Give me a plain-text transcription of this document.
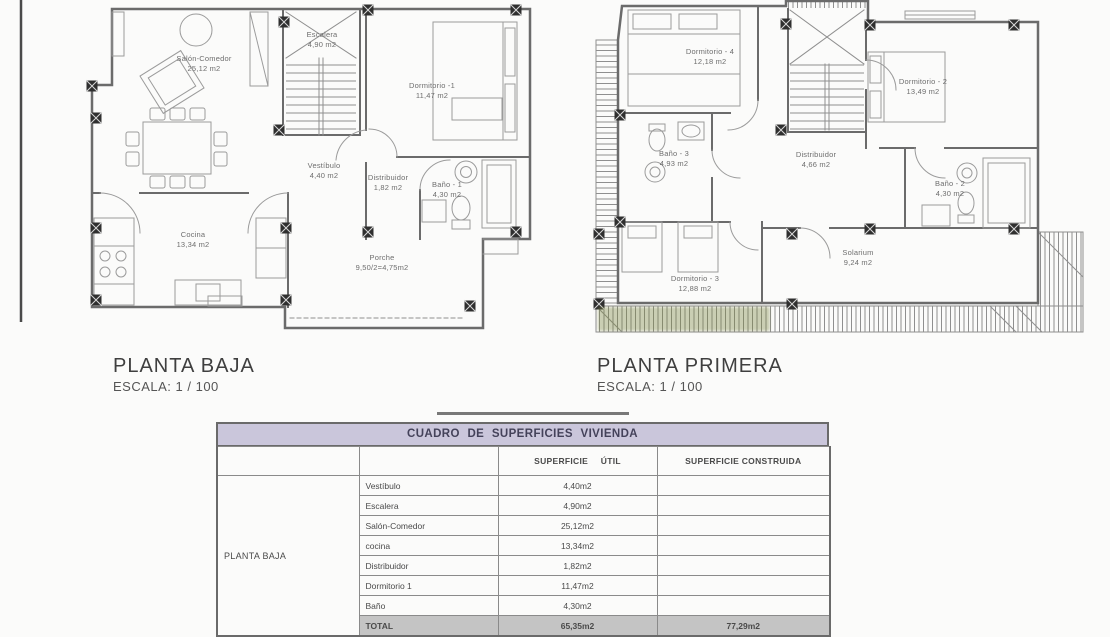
Salón-Comedor
25,12 m2
Escalera
4,90 m2
Dormitorio -1
11,47 m2
Vestíbulo
4,40 m2	Distribuidor
1,82 m2	Baño - 1
4,30 m2
Cocina
13,34 m2
Porche
9,50/2=4,75m2
Dormitorio - 4
12,18 m2
Dormitorio - 2
13,49 m2
Baño - 3
4,93 m2
Distribuidor
4,66 m2
Baño - 2
4,30 m2
Dormitorio - 3
12,88 m2
Solarium
9,24 m2
PLANTA BAJA
ESCALA: 1 / 100
PLANTA PRIMERA
ESCALA: 1 / 100
CUADRO DE SUPERFICIES VIVIENDA
		SUPERFICIE ÚTIL	SUPERFICIE CONSTRUIDA
PLANTA BAJA	Vestíbulo	4,40m2	
	Escalera	4,90m2	
	Salón-Comedor	25,12m2	
	cocina	13,34m2	
	Distribuidor	1,82m2	
	Dormitorio 1	11,47m2	
	Baño	4,30m2	
	TOTAL	65,35m2	77,29m2
